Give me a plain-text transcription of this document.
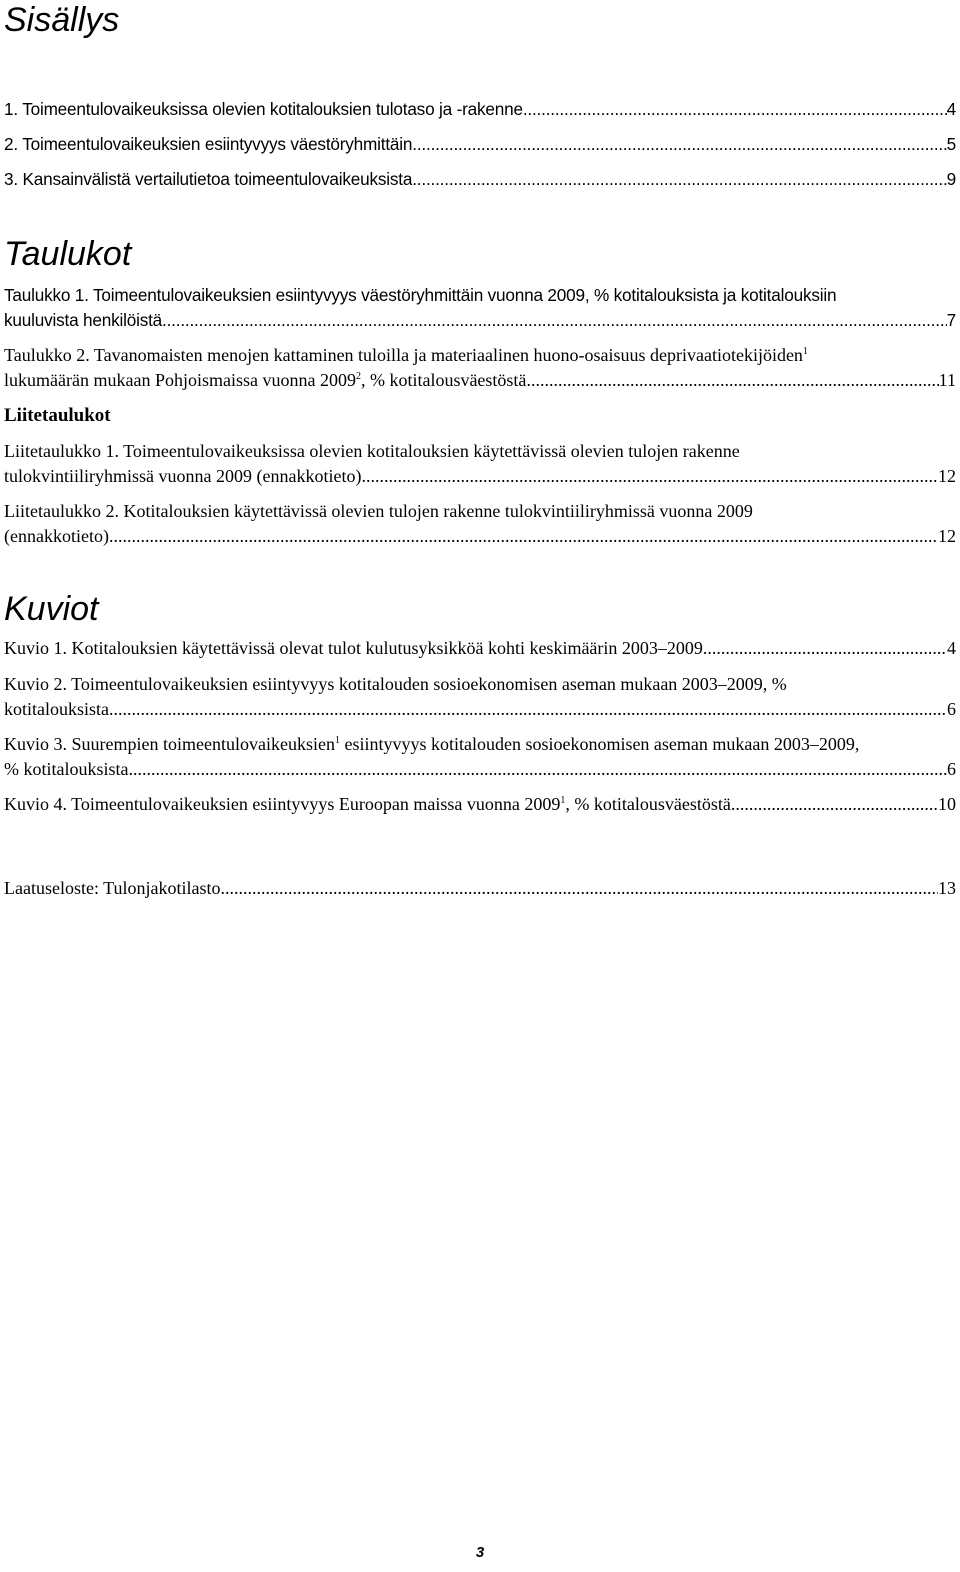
Sisällys
1. Toimeentulovaikeuksissa olevien kotitalouksien tulotaso ja -rakenne .....	4
2. Toimeentulovaikeuksien esiintyvyys väestöryhmittäin .....	5
3. Kansainvälistä vertailutietoa toimeentulovaikeuksista .....	9
Taulukot
Taulukko 1. Toimeentulovaikeuksien esiintyvyys väestöryhmittäin vuonna 2009, % kotitalouksista ja kotitalouksiin
kuuluvista henkilöistä .....	7
Taulukko 2. Tavanomaisten menojen kattaminen tuloilla ja materiaalinen huono-osaisuus deprivaatiotekijöiden$^1$
lukumäärän mukaan Pohjoismaissa vuonna 2009$^2$, % kotitalousväestöstä .....	11
Liitetaulukot
Liitetaulukko 1. Toimeentulovaikeuksissa olevien kotitalouksien käytettävissä olevien tulojen rakenne
tulokvintiiliryhmissä vuonna 2009 (ennakkotieto) .....	12
Liitetaulukko 2. Kotitalouksien käytettävissä olevien tulojen rakenne tulokvintiiliryhmissä vuonna 2009
(ennakkotieto) .....	12
Kuviot
Kuvio 1. Kotitalouksien käytettävissä olevat tulot kulutusyksikköä kohti keskimäärin 2003–2009 .....	4
Kuvio 2. Toimeentulovaikeuksien esiintyvyys kotitalouden sosioekonomisen aseman mukaan 2003–2009, %
kotitalouksista .....	6
Kuvio 3. Suurempien toimeentulovaikeuksien$^1$ esiintyvyys kotitalouden sosioekonomisen aseman mukaan 2003–2009,
% kotitalouksista .....	6
Kuvio 4. Toimeentulovaikeuksien esiintyvyys Euroopan maissa vuonna 2009$^1$, % kotitalousväestöstä .....	10
Laatuseloste: Tulonjakotilasto .....	13
3
